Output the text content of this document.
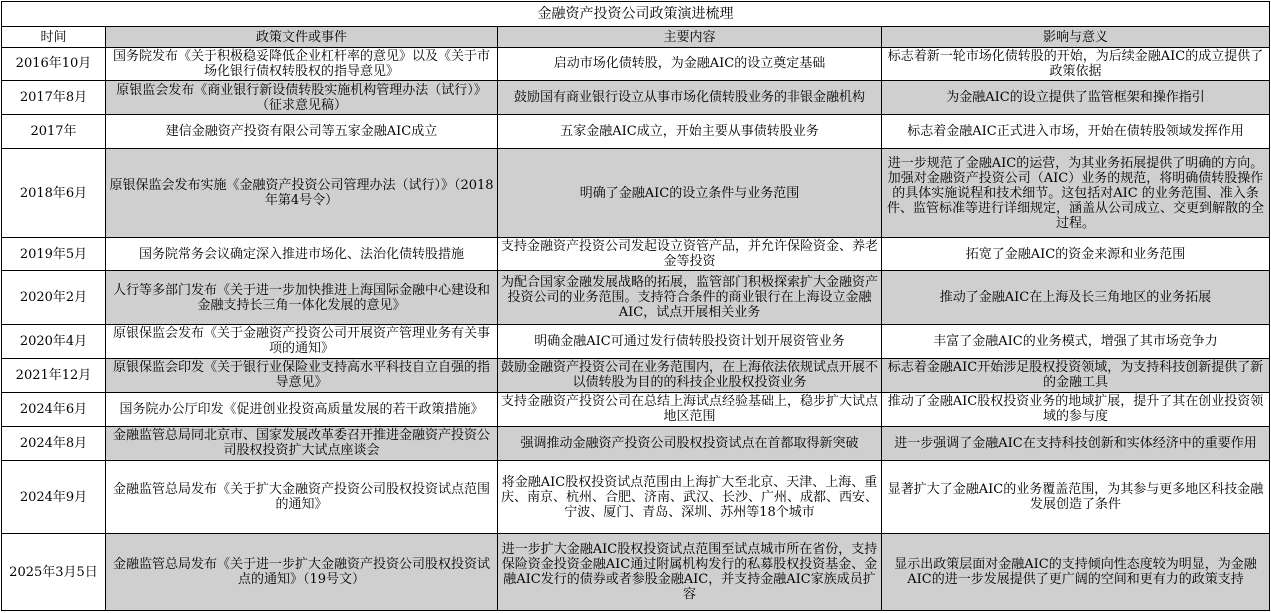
金融资产投资公司政策演进梳理			
时间	政策文件或事件	主要内容	影响与意义
2016年10月	国务院发布《关于积极稳妥降低企业杠杆率的意见》以及《关于市场化银行债权转股权的指导意见》	启动市场化债转股，为金融AIC的设立奠定基础	标志着新一轮市场化债转股的开始，为后续金融AIC的成立提供了政策依据
2017年8月	原银监会发布《商业银行新设债转股实施机构管理办法（试行）》（征求意见稿）	鼓励国有商业银行设立从事市场化债转股业务的非银金融机构	为金融AIC的设立提供了监管框架和操作指引
2017年	建信金融资产投资有限公司等五家金融AIC成立	五家金融AIC成立，开始主要从事债转股业务	标志着金融AIC正式进入市场，开始在债转股领域发挥作用
2018年6月	原银保监会发布实施《金融资产投资公司管理办法（试行）》（2018年第4号令）	明确了金融AIC的设立条件与业务范围	进一步规范了金融AIC的运营，为其业务拓展提供了明确的方向。加强对金融资产投资公司（AIC）业务的规范，将明确债转股操作的具体实施说程和技术细节。这包括对AIC 的业务范围、准入条件、监管标准等进行详细规定，涵盖从公司成立、交更到解散的全过程。
2019年5月	国务院常务会议确定深入推进市场化、法治化债转股措施	支持金融资产投资公司发起设立资管产品，并允许保险资金、养老金等投资	拓宽了金融AIC的资金来源和业务范围
2020年2月	人行等多部门发布《关于进一步加快推进上海国际金融中心建设和金融支持长三角一体化发展的意见》	为配合国家金融发展战略的拓展，监管部门积极探索扩大金融资产投资公司的业务范围。支持符合条件的商业银行在上海设立金融AIC，试点开展相关业务	推动了金融AIC在上海及长三角地区的业务拓展
2020年4月	原银保监会发布《关于金融资产投资公司开展资产管理业务有关事项的通知》	明确金融AIC可通过发行债转股投资计划开展资管业务	丰富了金融AIC的业务模式，增强了其市场竞争力
2021年12月	原银保监会印发《关于银行业保险业支持高水平科技自立自强的指导意见》	鼓励金融资产投资公司在业务范围内，在上海依法依规试点开展不以债转股为目的的科技企业股权投资业务	标志着金融AIC开始涉足股权投资领域，为支持科技创新提供了新的金融工具
2024年6月	国务院办公厅印发《促进创业投资高质量发展的若干政策措施》	支持金融资产投资公司在总结上海试点经验基础上，稳步扩大试点地区范围	推动了金融AIC股权投资业务的地域扩展，提升了其在创业投资领域的参与度
2024年8月	金融监管总局同北京市、国家发展改革委召开推进金融资产投资公司股权投资扩大试点座谈会	强调推动金融资产投资公司股权投资试点在首都取得新突破	进一步强调了金融AIC在支持科技创新和实体经济中的重要作用
2024年9月	金融监管总局发布《关于扩大金融资产投资公司股权投资试点范围的通知》	将金融AIC股权投资试点范围由上海扩大至北京、天津、上海、重庆、南京、杭州、合肥、济南、武汉、长沙、广州、成都、西安、宁波、厦门、青岛、深圳、苏州等18个城市	显著扩大了金融AIC的业务覆盖范围，为其参与更多地区科技金融发展创造了条件
2025年3月5日	金融监管总局发布《关于进一步扩大金融资产投资公司股权投资试点的通知》（19号文）	进一步扩大金融AIC股权投资试点范围至试点城市所在省份，支持保险资金投资金融AIC通过附属机构发行的私募股权投资基金、金融AIC发行的债券或者参股金融AIC，并支持金融AIC家族成员扩容	显示出政策层面对金融AIC的支持倾向性态度较为明显，为金融AIC的进一步发展提供了更广阔的空间和更有力的政策支持
